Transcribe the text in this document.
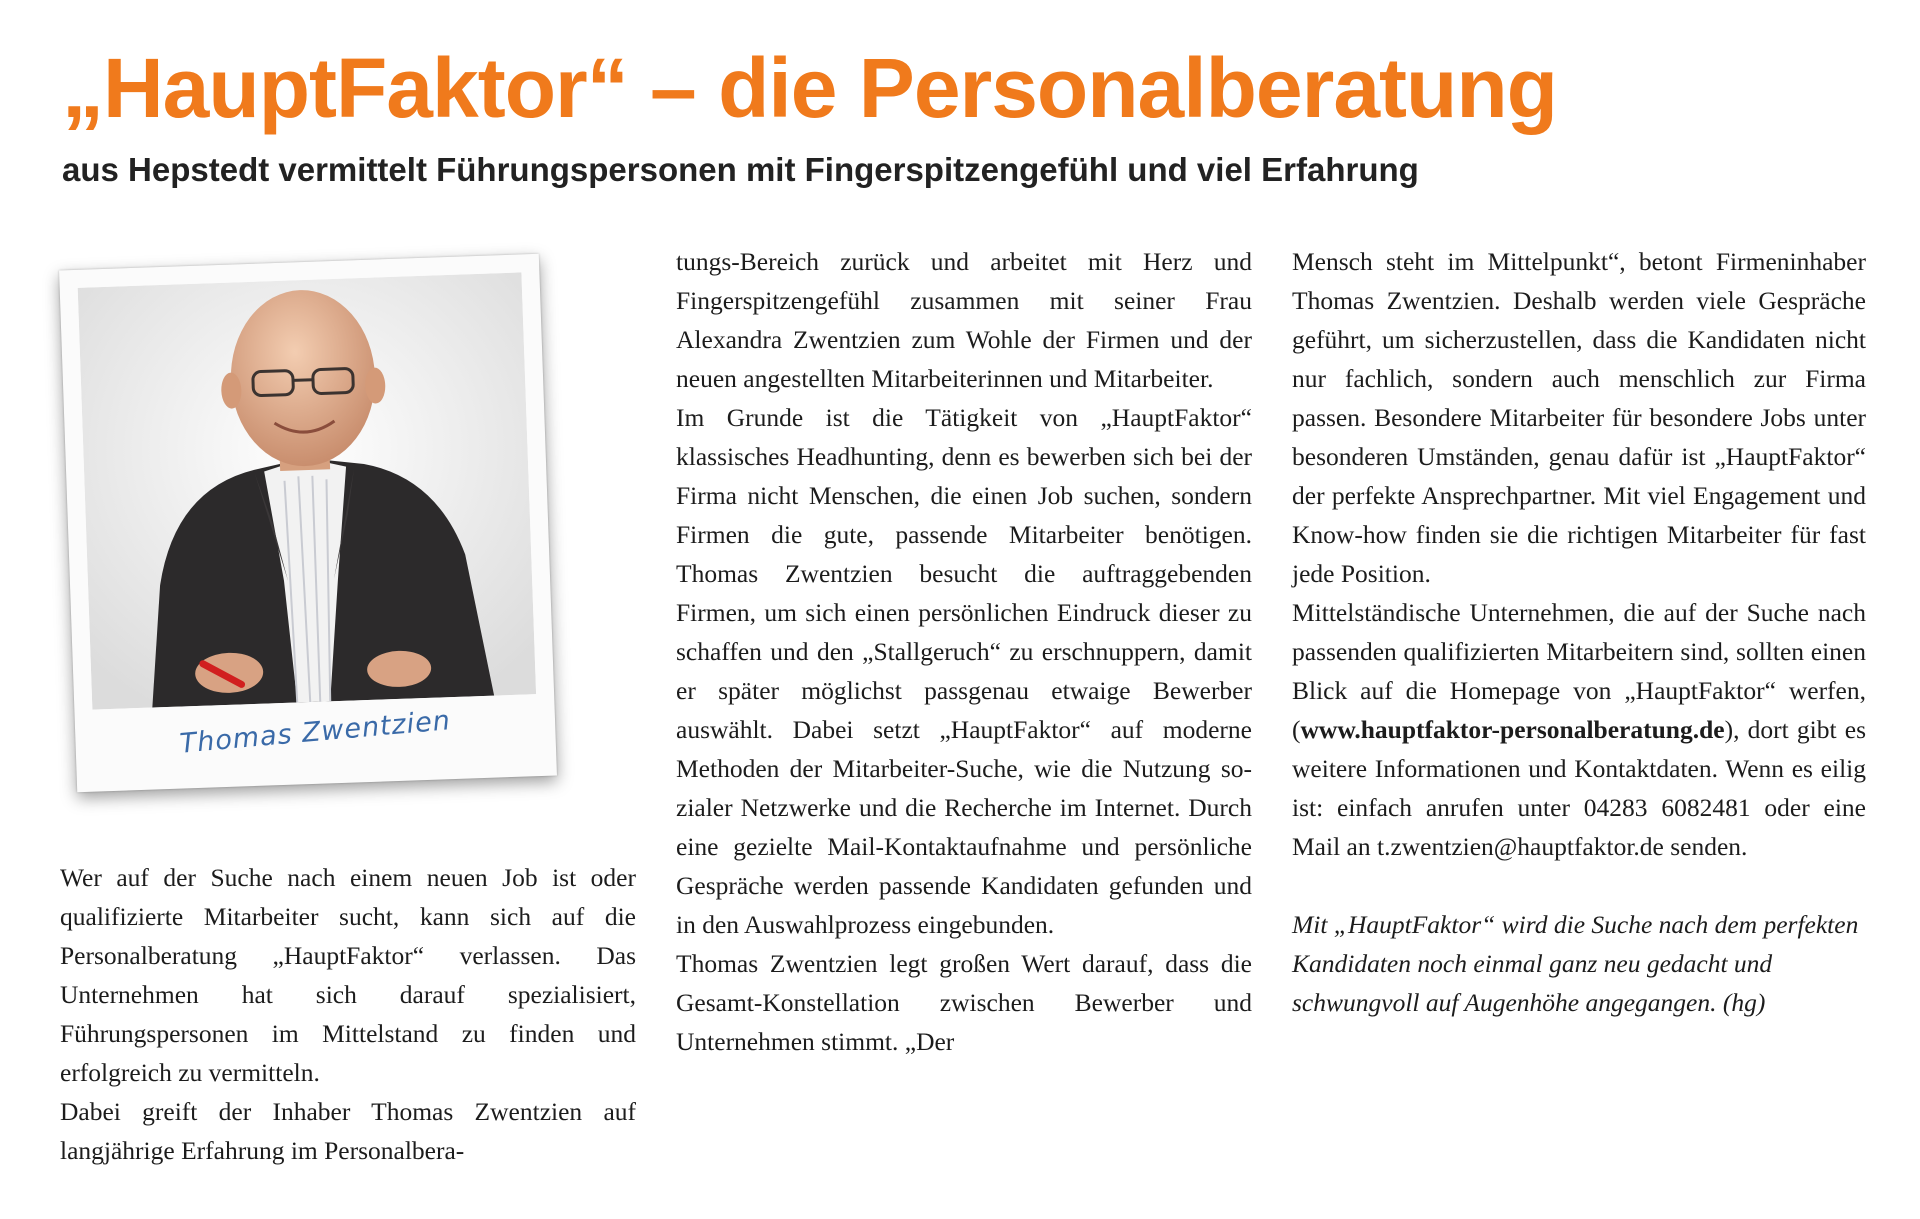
„HauptFaktor“ – die Personalberatung
aus Hepstedt vermittelt Führungspersonen mit Fingerspitzengefühl und viel Erfahrung
Thomas Zwentzien

Wer auf der Suche nach einem neuen Job ist oder qualifizierte Mitarbeiter sucht, kann sich auf die Personalberatung „HauptFaktor“ verlassen. Das Unternehmen hat sich darauf spezialisiert, Führungspersonen im Mittelstand zu finden und erfolgreich zu vermitteln.

Dabei greift der Inhaber Thomas Zwentzien auf langjährige Erfahrung im Personalbera-

tungs-Bereich zurück und arbeitet mit Herz und Fingerspitzengefühl zusammen mit seiner Frau Alexandra Zwentzien zum Wohle der Firmen und der neuen angestellten Mitarbeiterinnen und Mitarbeiter.

Im Grunde ist die Tätigkeit von „HauptFaktor“ klassisches Headhunting, denn es bewerben sich bei der Firma nicht Menschen, die einen Job suchen, sondern Firmen die gute, passende Mitarbeiter benötigen. Thomas Zwentzien besucht die auftraggebenden Firmen, um sich einen persönlichen Eindruck dieser zu schaffen und den „Stallgeruch“ zu erschnuppern, damit er später möglichst passgenau etwaige Bewerber auswählt. Dabei setzt „HauptFaktor“ auf moderne Methoden der Mitarbeiter-Suche, wie die Nutzung sozialer Netzwerke und die Recherche im Internet. Durch eine gezielte Mail-Kontaktaufnahme und persönliche Gespräche werden passende Kandidaten gefunden und in den Auswahlprozess eingebunden.

Thomas Zwentzien legt großen Wert darauf, dass die Gesamt-Konstellation zwischen Bewerber und Unternehmen stimmt. „Der

Mensch steht im Mittelpunkt“, betont Firmeninhaber Thomas Zwentzien. Deshalb werden viele Gespräche geführt, um sicherzustellen, dass die Kandidaten nicht nur fachlich, sondern auch menschlich zur Firma passen. Besondere Mitarbeiter für besondere Jobs unter besonderen Umständen, genau dafür ist „HauptFaktor“ der perfekte Ansprechpartner. Mit viel Engagement und Know-how finden sie die richtigen Mitarbeiter für fast jede Position.

Mittelständische Unternehmen, die auf der Suche nach passenden qualifizierten Mitarbeitern sind, sollten einen Blick auf die Homepage von „HauptFaktor“ werfen, (www.hauptfaktor-personalberatung.de), dort gibt es weitere Informationen und Kontaktdaten. Wenn es eilig ist: einfach anrufen unter 04283 6082481 oder eine Mail an t.zwentzien@hauptfaktor.de senden.

Mit „HauptFaktor“ wird die Suche nach dem perfekten Kandidaten noch einmal ganz neu gedacht und schwungvoll auf Augenhöhe angegangen. (hg)
